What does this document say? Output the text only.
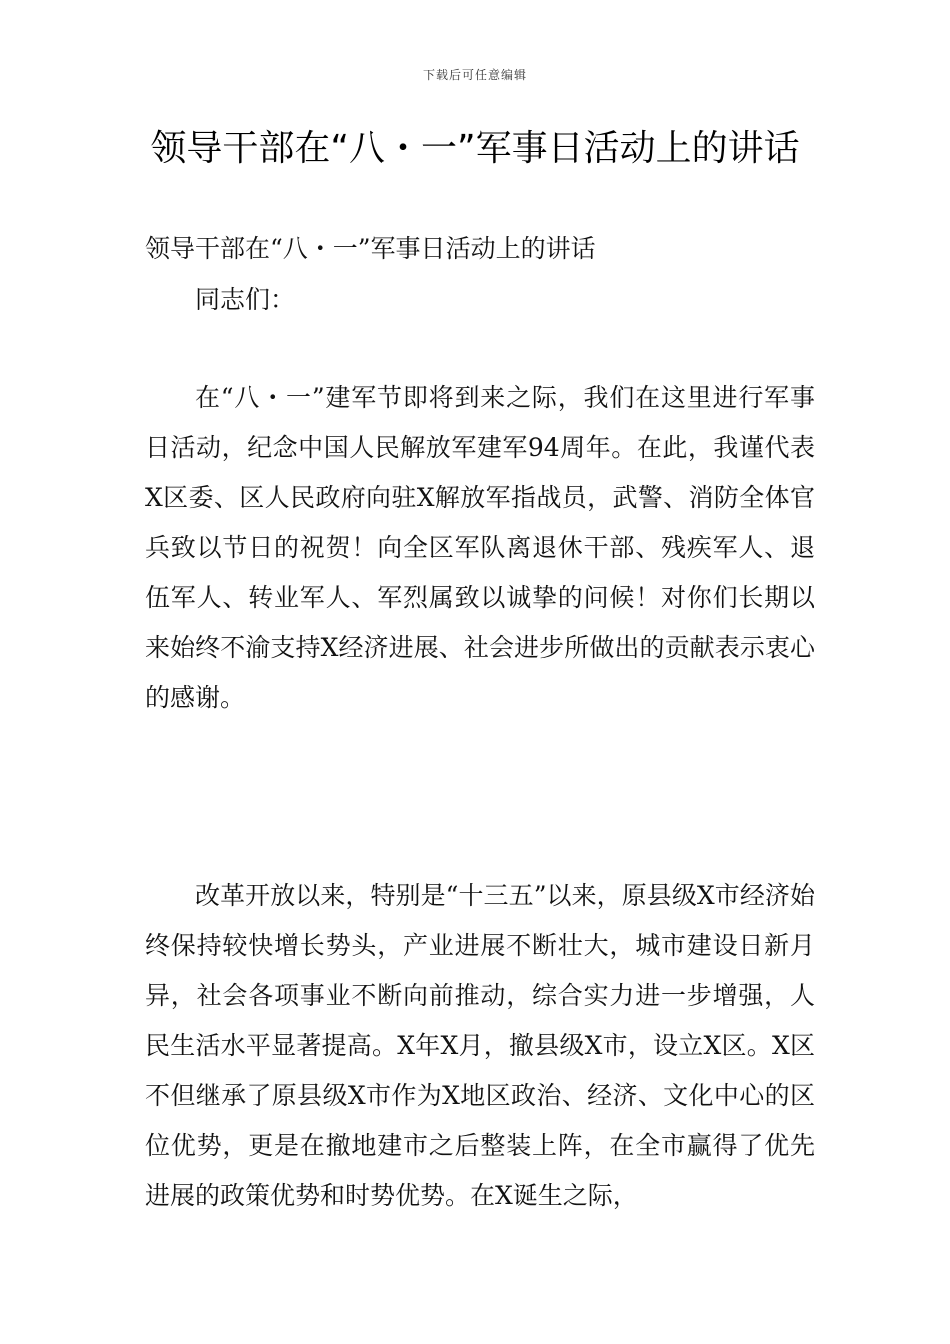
下载后可任意编辑
领导干部在“八・一”军事日活动上的讲话

领导干部在“八・一”军事日活动上的讲话

同志们：

在“八・一”建军节即将到来之际，我们在这里进行军事日活动，纪念中国人民解放军建军94周年。在此，我谨代表X区委、区人民政府向驻X解放军指战员，武警、消防全体官兵致以节日的祝贺！向全区军队离退休干部、残疾军人、退伍军人、转业军人、军烈属致以诚挚的问候！对你们长期以来始终不渝支持X经济进展、社会进步所做出的贡献表示衷心的感谢。

改革开放以来，特别是“十三五”以来，原县级X市经济始终保持较快增长势头，产业进展不断壮大，城市建设日新月异，社会各项事业不断向前推动，综合实力进一步增强，人民生活水平显著提高。X年X月，撤县级X市，设立X区。X区不但继承了原县级X市作为X地区政治、经济、文化中心的区位优势，更是在撤地建市之后整装上阵，在全市赢得了优先进展的政策优势和时势优势。在X诞生之际，
